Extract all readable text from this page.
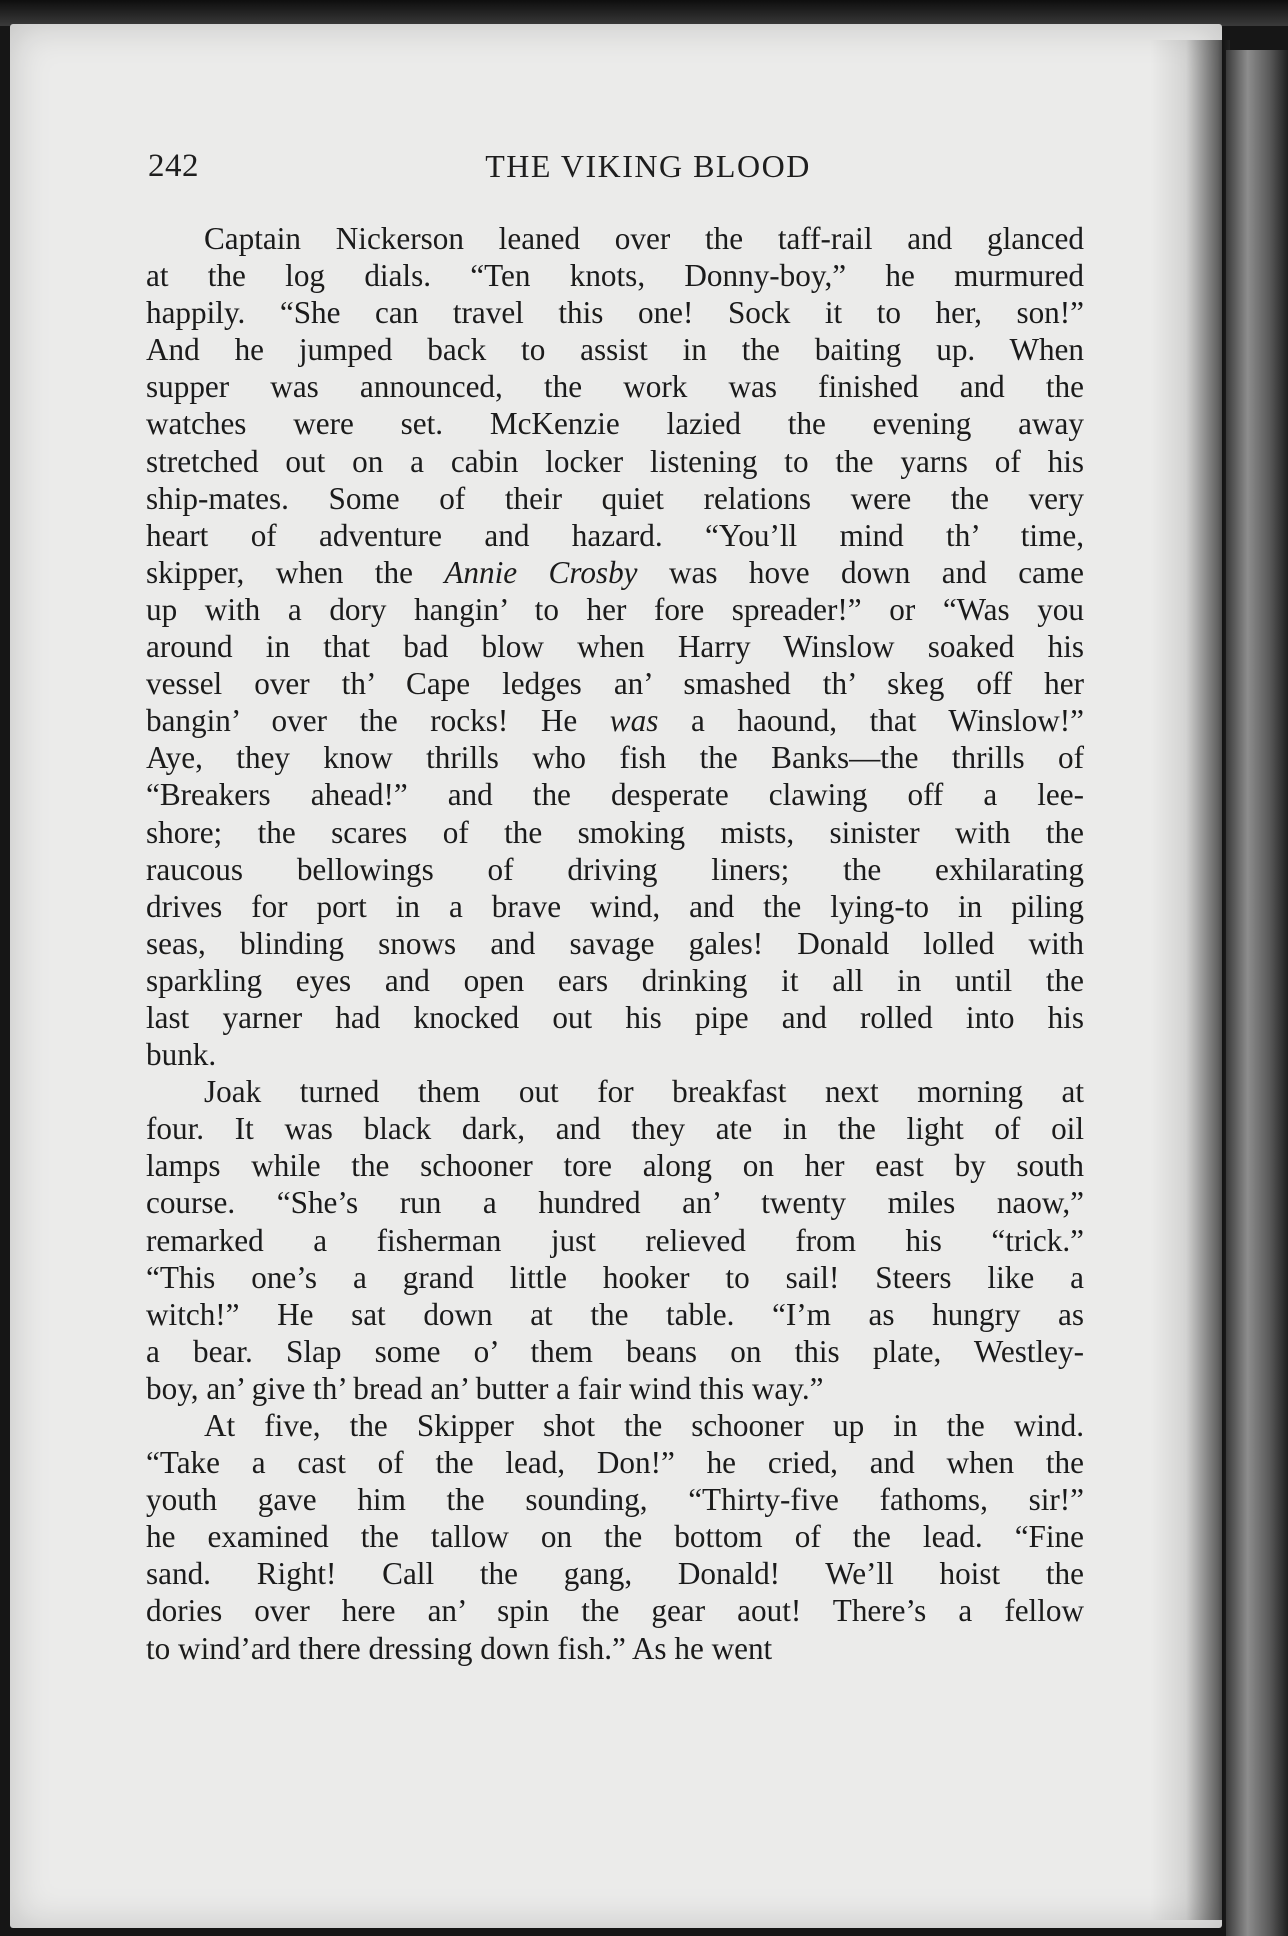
242	THE VIKING BLOOD
Captain Nickerson leaned over the taff-rail and glanced
at the log dials. “Ten knots, Donny-boy,” he murmured
happily. “She can travel this one! Sock it to her, son!”
And he jumped back to assist in the baiting up. When
supper was announced, the work was finished and the
watches were set. McKenzie lazied the evening away
stretched out on a cabin locker listening to the yarns of his
ship-mates. Some of their quiet relations were the very
heart of adventure and hazard. “You’ll mind th’ time,
skipper, when the Annie Crosby was hove down and came
up with a dory hangin’ to her fore spreader!” or “Was you
around in that bad blow when Harry Winslow soaked his
vessel over th’ Cape ledges an’ smashed th’ skeg off her
bangin’ over the rocks! He was a haound, that Winslow!”
Aye, they know thrills who fish the Banks—the thrills of
“Breakers ahead!” and the desperate clawing off a lee-
shore; the scares of the smoking mists, sinister with the
raucous bellowings of driving liners; the exhilarating
drives for port in a brave wind, and the lying-to in piling
seas, blinding snows and savage gales! Donald lolled with
sparkling eyes and open ears drinking it all in until the
last yarner had knocked out his pipe and rolled into his
bunk.
Joak turned them out for breakfast next morning at
four. It was black dark, and they ate in the light of oil
lamps while the schooner tore along on her east by south
course. “She’s run a hundred an’ twenty miles naow,”
remarked a fisherman just relieved from his “trick.”
“This one’s a grand little hooker to sail! Steers like a
witch!” He sat down at the table. “I’m as hungry as
a bear. Slap some o’ them beans on this plate, Westley-
boy, an’ give th’ bread an’ butter a fair wind this way.”
At five, the Skipper shot the schooner up in the wind.
“Take a cast of the lead, Don!” he cried, and when the
youth gave him the sounding, “Thirty-five fathoms, sir!”
he examined the tallow on the bottom of the lead. “Fine
sand. Right! Call the gang, Donald! We’ll hoist the
dories over here an’ spin the gear aout! There’s a fellow
to wind’ard there dressing down fish.” As he went
